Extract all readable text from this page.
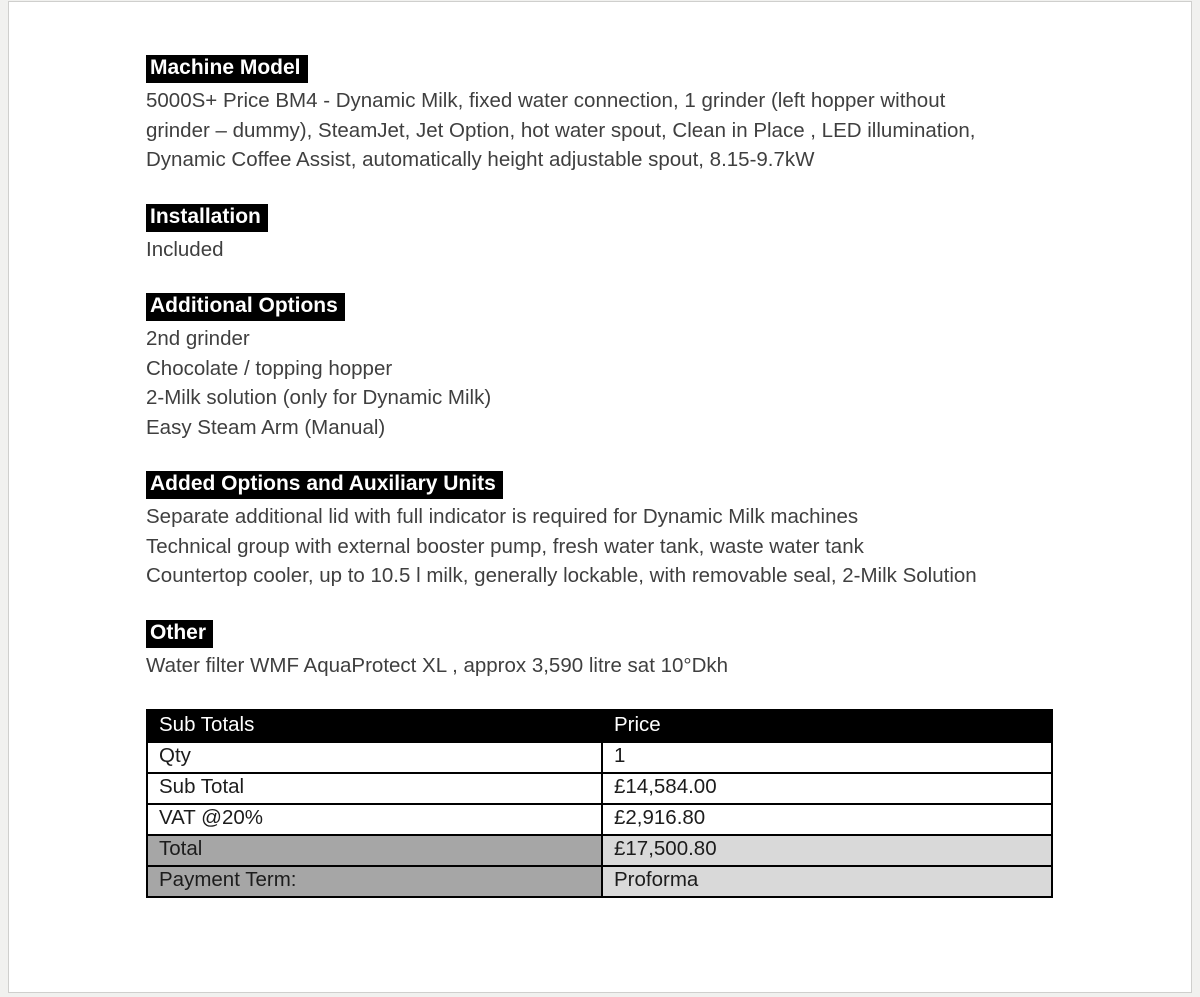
Machine Model
5000S+ Price BM4 - Dynamic Milk, fixed water connection, 1 grinder (left hopper without
grinder – dummy), SteamJet, Jet Option, hot water spout, Clean in Place , LED illumination,
Dynamic Coffee Assist, automatically height adjustable spout, 8.15-9.7kW
Installation
Included
Additional Options
2nd grinder
Chocolate / topping hopper
2-Milk solution (only for Dynamic Milk)
Easy Steam Arm (Manual)
Added Options and Auxiliary Units
Separate additional lid with full indicator is required for Dynamic Milk machines
Technical group with external booster pump, fresh water tank, waste water tank
Countertop cooler, up to 10.5 l milk, generally lockable, with removable seal, 2-Milk Solution
Other
Water filter WMF AquaProtect XL , approx 3,590 litre sat 10°Dkh
Sub Totals	Price
Qty	1
Sub Total	£14,584.00
VAT @20%	£2,916.80
Total	£17,500.80
Payment Term:	Proforma
